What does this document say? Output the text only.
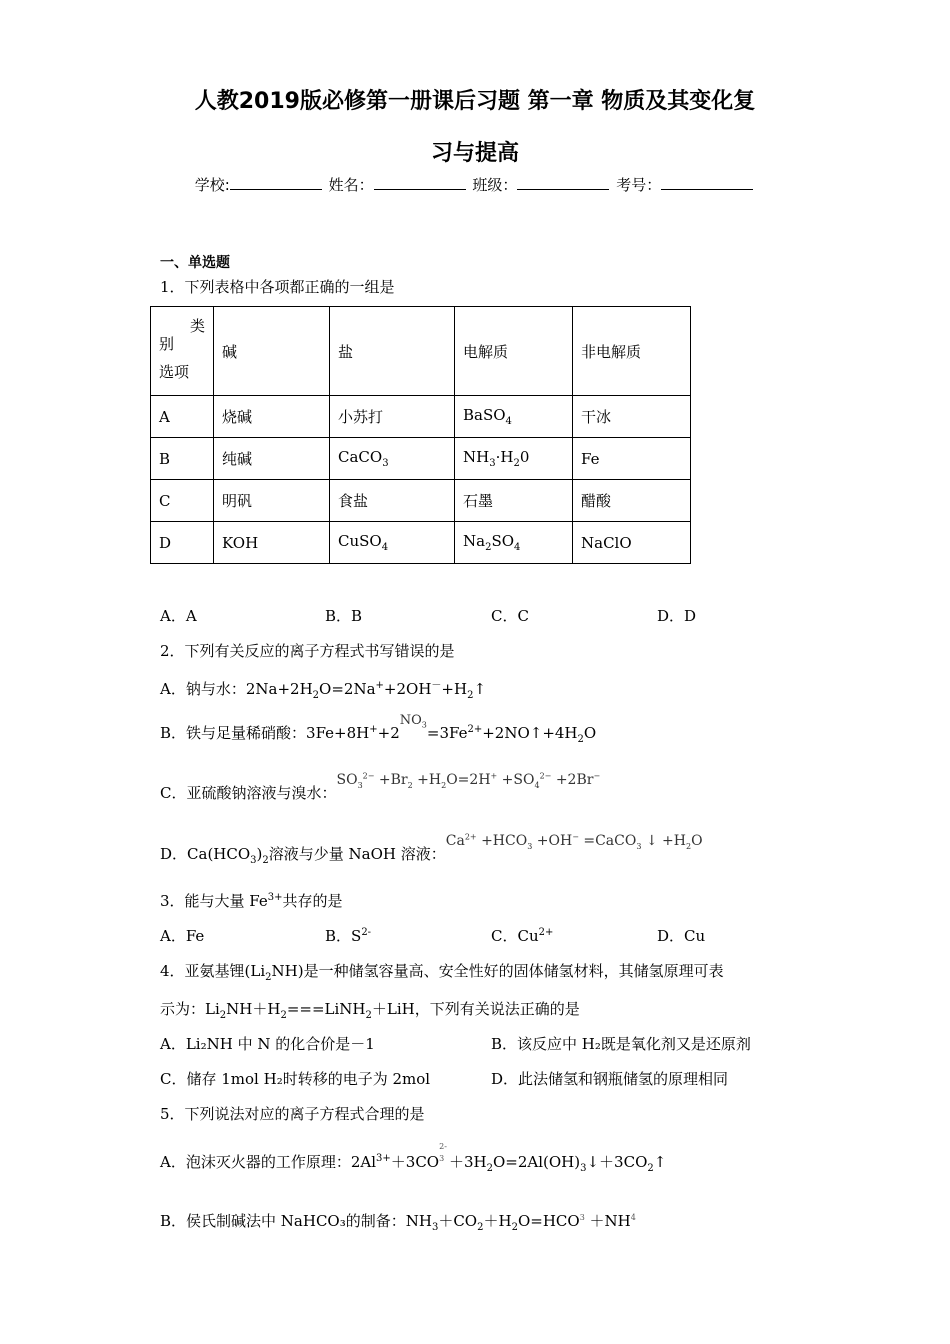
人教2019版必修第一册课后习题 第一章 物质及其变化复
习与提高
学校:	姓名：	班级：	考号：
一、单选题
1．下列表格中各项都正确的一组是
类
别
选项	碱	盐	电解质	非电解质
A	烧碱	小苏打	BaSO$_4$	干冰
B	纯碱	CaCO$_3$	$NH_3\cdot H_20$	Fe
C	明矾	食盐	石墨	醋酸
D	KOH	CuSO$_4$	$Na_2SO_4$	NaClO
A．A	B．B	C．C	D．D
2．下列有关反应的离子方程式书写错误的是
A．钠与水：$2Na+2H_2O=2Na^++2OH^-+H_2↑$
B．铁与足量稀硝酸：$3Fe+8H^++2NO_3=3Fe^{2+}+2NO↑+4H_2O$
C．亚硫酸钠溶液与溴水：$SO_3^{2-} +Br_2 +H_2O=2H^+ +SO_4^{2-} +2Br^-$
D．$Ca(HCO_3)_2$溶液与少量 NaOH 溶液：$Ca^{2+} +HCO_3 +OH^-$ =CaCO$_3$ ↓ $+H_2O$
3．能与大量 $Fe^{3+}$共存的是
A．Fe	B．$S^{2-}$	C．$Cu^{2+}$	D．Cu
4．亚氨基锂$(Li_2NH)$是一种储氢容量高、安全性好的固体储氢材料，其储氢原理可表
示为：$Li_2NH+H_2===LiNH_2+LiH$，下列有关说法正确的是
A．Li₂NH 中 N 的化合价是－1	B．该反应中 H₂既是氧化剂又是还原剂
C．储存 1mol H₂时转移的电子为 2mol	D．此法储氢和钢瓶储氢的原理相同
5．下列说法对应的离子方程式合理的是
A．泡沫灭火器的工作原理：$2Al^{3+}+3CO$
2-
$3 +3H_2O=2Al(OH)_3↓+3CO_2↑$
B．侯氏制碱法中 NaHCO₃的制备：$NH_3+CO_2+H_2O=HCO^3 +NH^4$
